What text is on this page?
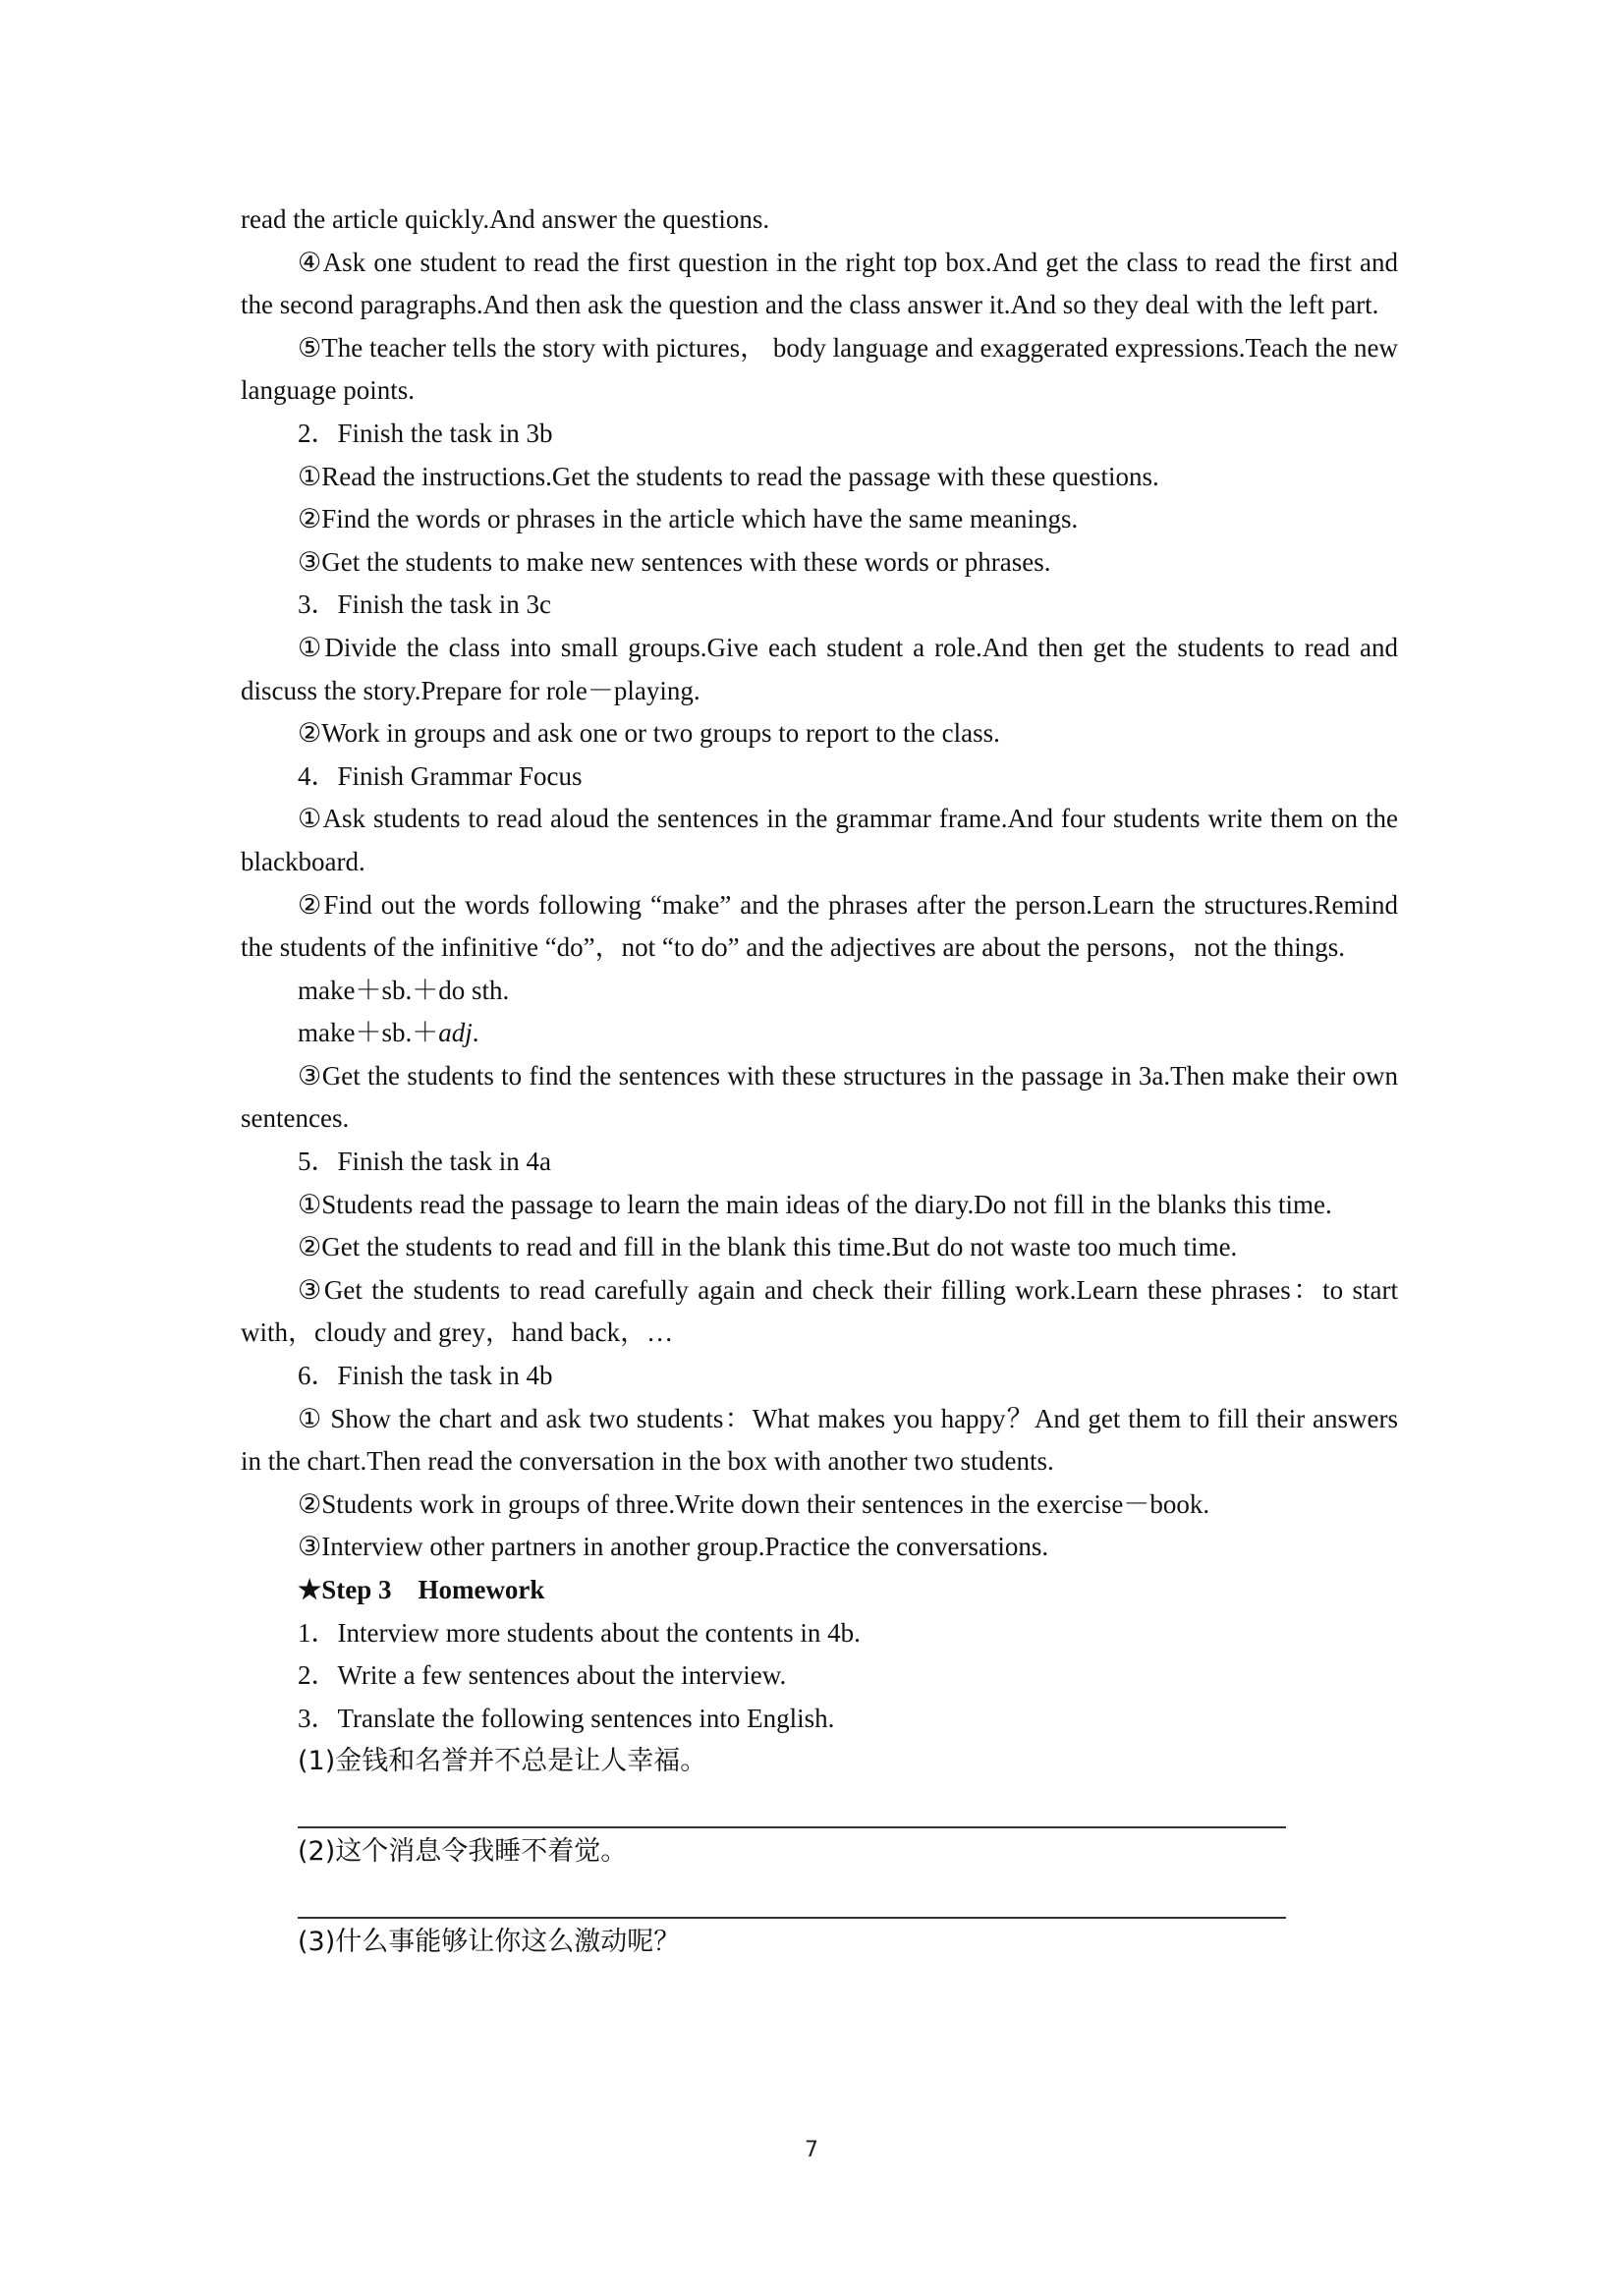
read the article quickly.And answer the questions.

④Ask one student to read the first question in the right top box.And get the class to read the first and the second paragraphs.And then ask the question and the class answer it.And so they deal with the left part.

⑤The teacher tells the story with pictures， body language and exaggerated expressions.Teach the new language points.

2．Finish the task in 3b

①Read the instructions.Get the students to read the passage with these questions.

②Find the words or phrases in the article which have the same meanings.

③Get the students to make new sentences with these words or phrases.

3．Finish the task in 3c

①Divide the class into small groups.Give each student a role.And then get the students to read and discuss the story.Prepare for role－playing.

②Work in groups and ask one or two groups to report to the class.

4．Finish Grammar Focus

①Ask students to read aloud the sentences in the grammar frame.And four students write them on the blackboard.

②Find out the words following “make” and the phrases after the person.Learn the structures.Remind the students of the infinitive “do”，not “to do” and the adjectives are about the persons，not the things.

make＋sb.＋do sth.

make＋sb.＋adj.

③Get the students to find the sentences with these structures in the passage in 3a.Then make their own sentences.

5．Finish the task in 4a

①Students read the passage to learn the main ideas of the diary.Do not fill in the blanks this time.

②Get the students to read and fill in the blank this time.But do not waste too much time.

③Get the students to read carefully again and check their filling work.Learn these phrases：to start with，cloudy and grey，hand back，…

6．Finish the task in 4b

① Show the chart and ask two students：What makes you happy？And get them to fill their answers in the chart.Then read the conversation in the box with another two students.

②Students work in groups of three.Write down their sentences in the exercise－book.

③Interview other partners in another group.Practice the conversations.

★Step 3　Homework

1．Interview more students about the contents in 4b.

2．Write a few sentences about the interview.

3．Translate the following sentences into English.

(1)金钱和名誉并不总是让人幸福。

(2)这个消息令我睡不着觉。

(3)什么事能够让你这么激动呢？

7
